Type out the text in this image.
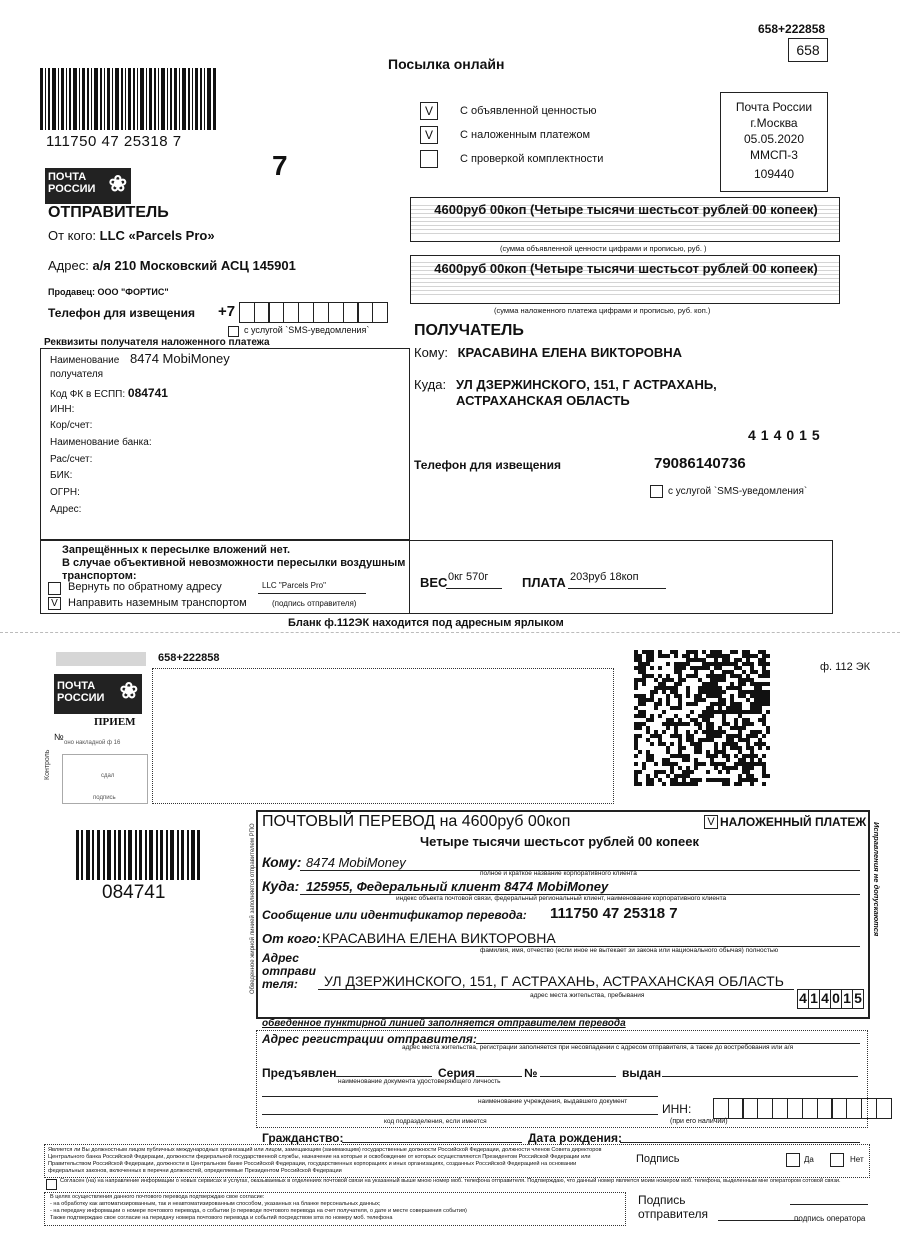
658+222858
658
Посылка онлайн
111750 47 25318 7
7
ПОЧТА
РОССИИ ❀
V	С объявленной ценностью
V	С наложенным платежом
С проверкой комплектности
Почта России
г.Москва
05.05.2020
ММСП-3
109440
ОТПРАВИТЕЛЬ
От кого: LLC «Parcels Pro»
Адрес: а/я 210 Московский АСЦ 145901
Продавец: ООО "ФОРТИС"
Телефон для извещения +7
с услугой `SMS-уведомления`
4600руб 00коп (Четыре тысячи шестьсот рублей 00 копеек)
(сумма объявленной ценности цифрами и прописью, руб. )
4600руб 00коп (Четыре тысячи шестьсот рублей 00 копеек)
(сумма наложенного платежа цифрами и прописью, руб. коп.)
Реквизиты получателя наложенного платежа
Наименование
получателя
8474 MobiMoney
Код ФК в ЕСПП: 084741
ИНН:
Кор/счет:
Наименование банка:
Рас/счет:
БИК:
ОГРН:
Адрес:
ПОЛУЧАТЕЛЬ
Кому: КРАСАВИНА ЕЛЕНА ВИКТОРОВНА
Куда: УЛ ДЗЕРЖИНСКОГО, 151, Г АСТРАХАНЬ,
АСТРАХАНСКАЯ ОБЛАСТЬ
414015
Телефон для извещения	79086140736
с услугой `SMS-уведомления`
Запрещённых к пересылке вложений нет.
В случае объективной невозможности пересылки воздушным
транспортом:
Вернуть по обратному адресу
V Направить наземным транспортом
LLC "Parcels Pro"
(подпись отправителя)
ВЕС 0кг 570г	ПЛАТА 203руб 18коп
Бланк ф.112ЭК находится под адресным ярлыком
658+222858
ф. 112 ЭК
ПОЧТА
РОССИИ ❀
ПРИЕМ
№
оно накладной ф 16
Контроль	сдал
подпись
084741	Обведенное жирной линией заполняется отправителем РПО	Исправления не допускаются
ПОЧТОВЫЙ ПЕРЕВОД на 4600руб 00коп	V НАЛОЖЕННЫЙ ПЛАТЕЖ
Четыре тысячи шестьсот рублей 00 копеек
Кому: 8474 MobiMoney
полное и краткое название корпоративного клиента
Куда: 125955, Федеральный клиент 8474 MobiMoney
индекс объекта почтовой связи, федеральный региональный клиент, наименование корпоративного клиента
Сообщение или идентификатор перевода: 111750 47 25318 7
От кого: КРАСАВИНА ЕЛЕНА ВИКТОРОВНА
фамилия, имя, отчество (если иное не вытекает зи закона или национального обычая) полностью
Адрес
отправи
теля:	УЛ ДЗЕРЖИНСКОГО, 151, Г АСТРАХАНЬ, АСТРАХАНСКАЯ ОБЛАСТЬ
адрес места жительства, пребывания	4 1 4 0 1 5
обведенное пунктирной линией заполняется отправителем перевода
Адрес регистрации отправителя:
адрес места жительства, регистрации заполняется при несовпадении с адресом отправителя, а также до востребования или а/я
Предъявлен	Серия	№	выдан
наименование документа удостоверяющего личность
наименование учреждения, выдавшего документ
ИНН:
(при его наличии)
код подразделения, если имеется
Гражданство:	Дата рождения:
Является ли Вы должностным лицом публичных международных организаций или лицом, замещающим (занимающим) государственные должности Российской Федерации, должности членов Совета директоров Центрального банка Российской Федерации, должности федеральной государственной службы, назначение на которые и освобождение от которых осуществляются Президентом Российской Федерации или Правительством Российской Федерации, должности в Центральном банке Российской Федерации, государственных корпорациях и иных организациях, созданных Российской Федерацией на основании федеральных законов, включенных в перечни должностей, определяемые Президентом Российской Федерации
Подпись	Да	Нет
Согласен (на) на направление информации о новых сервисах и услугах, оказываемых в отделениях почтовой связи на указанный выше мною номер моб. телефона отправителя. Подтверждаю, что данный номер является моим номером моб. телефона, выделенным мне оператором сотовой связи.
В целях осуществления данного почтового перевода подтверждаю свое согласие:
- на обработку как автоматизированным, так и неавтоматизированным способом, указанных на бланке персональных данных;
- на передачу информации о номере почтового перевода, о событии (о переводе почтового перевода на счет получателя, о дате и месте совершения события)
Также подтверждаю свое согласие на передачу номера почтового перевода и событий посредством sms по номеру моб. телефона
Подпись
отправителя	подпись оператора
